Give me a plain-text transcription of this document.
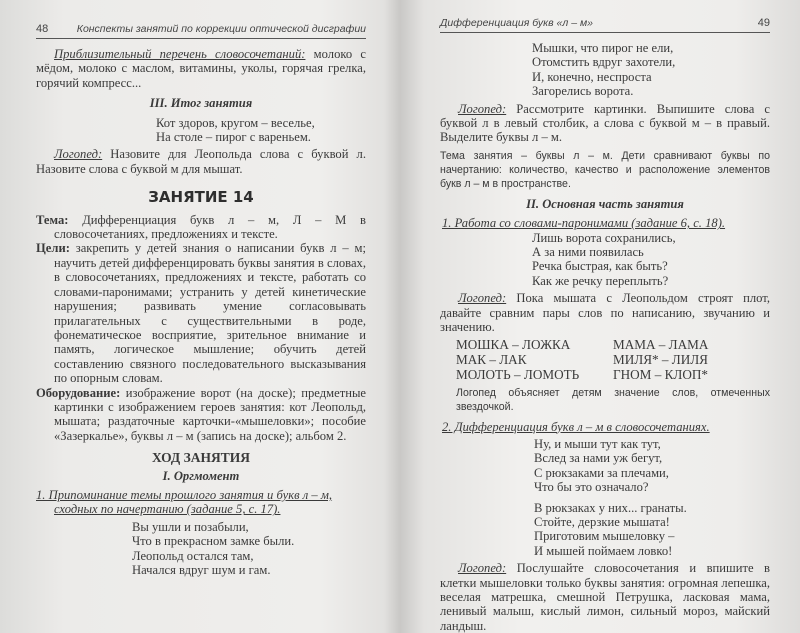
48	Конспекты занятий по коррекции оптической дисграфии

Приблизительный перечень словосочетаний: молоко с мёдом, молоко с маслом, витамины, уколы, горячая грелка, горячий компресс...

III. Итог занятия
Кот здоров, кругом – веселье,
На столе – пирог с вареньем.

Логопед: Назовите для Леопольда слова с буквой л. Назовите слова с буквой м для мышат.

ЗАНЯТИЕ 14

Тема: Дифференциация букв л – м, Л – М в словосочетаниях, предложениях и тексте.

Цели: закрепить у детей знания о написании букв л – м; научить детей дифференцировать буквы занятия в словах, в словосочетаниях, предложениях и тексте, работать со словами-паронимами; устранить у детей кинетические нарушения; развивать умение согласовывать прилагательных с существительными в роде, фонематическое восприятие, зрительное внимание и память, логическое мышление; обучить детей составлению связного последовательного высказывания по опорным словам.

Оборудование: изображение ворот (на доске); предметные картинки с изображением героев занятия: кот Леопольд, мышата; раздаточные карточки-«мышеловки»; пособие «Зазеркалье», буквы л – м (запись на доске); альбом 2.

ХОД ЗАНЯТИЯ
I. Оргмомент

1. Припоминание темы прошлого занятия и букв л – м, сходных по начертанию (задание 5, с. 17).

Вы ушли и позабыли,
Что в прекрасном замке были.
Леопольд остался там,
Начался вдруг шум и гам.
Дифференциация букв «л – м»	49
Мышки, что пирог не ели,
Отомстить вдруг захотели,
И, конечно, неспроста
Загорелись ворота.

Логопед: Рассмотрите картинки. Выпишите слова с буквой л в левый столбик, а слова с буквой м – в правый. Выделите буквы л – м.

Тема занятия – буквы л – м. Дети сравнивают буквы по начертанию: количество, качество и расположение элементов букв л – м в пространстве.

II. Основная часть занятия

1. Работа со словами-паронимами (задание 6, с. 18).

Лишь ворота сохранились,
А за ними появилась
Речка быстрая, как быть?
Как же речку переплыть?

Логопед: Пока мышата с Леопольдом строят плот, давайте сравним пары слов по написанию, звучанию и значению.

МОШКА – ЛОЖКА	МАМА – ЛАМА
МАК – ЛАК	МИЛЯ* – ЛИЛЯ
МОЛОТЬ – ЛОМОТЬ	ГНОМ – КЛОП*

Логопед объясняет детям значение слов, отмеченных звездочкой.

2. Дифференциация букв л – м в словосочетаниях.

Ну, и мыши тут как тут,
Вслед за нами уж бегут,
С рюкзаками за плечами,
Что бы это означало?
В рюкзаках у них... гранаты.
Стойте, дерзкие мышата!
Приготовим мышеловку –
И мышей поймаем ловко!

Логопед: Послушайте словосочетания и впишите в клетки мышеловки только буквы занятия: огромная лепешка, веселая матрешка, смешной Петрушка, ласковая мама, ленивый малыш, кислый лимон, сильный мороз, майский ландыш.
